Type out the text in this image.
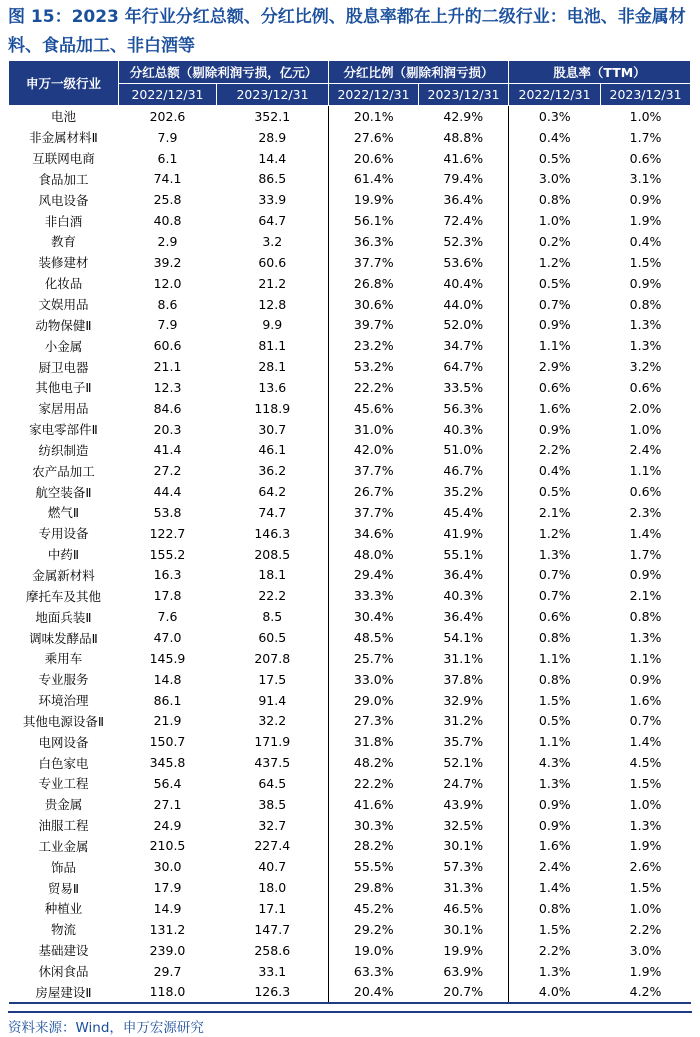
图 15：2023 年行业分红总额、分红比例、股息率都在上升的二级行业：电池、非金属材料、食品加工、非白酒等
申万一级行业	分红总额（剔除利润亏损，亿元）		分红比例（剔除利润亏损）		股息率（TTM）	
	2022/12/31	2023/12/31	2022/12/31	2023/12/31	2022/12/31	2023/12/31
电池	202.6	352.1	20.1%	42.9%	0.3%	1.0%
非金属材料Ⅱ	7.9	28.9	27.6%	48.8%	0.4%	1.7%
互联网电商	6.1	14.4	20.6%	41.6%	0.5%	0.6%
食品加工	74.1	86.5	61.4%	79.4%	3.0%	3.1%
风电设备	25.8	33.9	19.9%	36.4%	0.8%	0.9%
非白酒	40.8	64.7	56.1%	72.4%	1.0%	1.9%
教育	2.9	3.2	36.3%	52.3%	0.2%	0.4%
装修建材	39.2	60.6	37.7%	53.6%	1.2%	1.5%
化妆品	12.0	21.2	26.8%	40.4%	0.5%	0.9%
文娱用品	8.6	12.8	30.6%	44.0%	0.7%	0.8%
动物保健Ⅱ	7.9	9.9	39.7%	52.0%	0.9%	1.3%
小金属	60.6	81.1	23.2%	34.7%	1.1%	1.3%
厨卫电器	21.1	28.1	53.2%	64.7%	2.9%	3.2%
其他电子Ⅱ	12.3	13.6	22.2%	33.5%	0.6%	0.6%
家居用品	84.6	118.9	45.6%	56.3%	1.6%	2.0%
家电零部件Ⅱ	20.3	30.7	31.0%	40.3%	0.9%	1.0%
纺织制造	41.4	46.1	42.0%	51.0%	2.2%	2.4%
农产品加工	27.2	36.2	37.7%	46.7%	0.4%	1.1%
航空装备Ⅱ	44.4	64.2	26.7%	35.2%	0.5%	0.6%
燃气Ⅱ	53.8	74.7	37.7%	45.4%	2.1%	2.3%
专用设备	122.7	146.3	34.6%	41.9%	1.2%	1.4%
中药Ⅱ	155.2	208.5	48.0%	55.1%	1.3%	1.7%
金属新材料	16.3	18.1	29.4%	36.4%	0.7%	0.9%
摩托车及其他	17.8	22.2	33.3%	40.3%	0.7%	2.1%
地面兵装Ⅱ	7.6	8.5	30.4%	36.4%	0.6%	0.8%
调味发酵品Ⅱ	47.0	60.5	48.5%	54.1%	0.8%	1.3%
乘用车	145.9	207.8	25.7%	31.1%	1.1%	1.1%
专业服务	14.8	17.5	33.0%	37.8%	0.8%	0.9%
环境治理	86.1	91.4	29.0%	32.9%	1.5%	1.6%
其他电源设备Ⅱ	21.9	32.2	27.3%	31.2%	0.5%	0.7%
电网设备	150.7	171.9	31.8%	35.7%	1.1%	1.4%
白色家电	345.8	437.5	48.2%	52.1%	4.3%	4.5%
专业工程	56.4	64.5	22.2%	24.7%	1.3%	1.5%
贵金属	27.1	38.5	41.6%	43.9%	0.9%	1.0%
油服工程	24.9	32.7	30.3%	32.5%	0.9%	1.3%
工业金属	210.5	227.4	28.2%	30.1%	1.6%	1.9%
饰品	30.0	40.7	55.5%	57.3%	2.4%	2.6%
贸易Ⅱ	17.9	18.0	29.8%	31.3%	1.4%	1.5%
种植业	14.9	17.1	45.2%	46.5%	0.8%	1.0%
物流	131.2	147.7	29.2%	30.1%	1.5%	2.2%
基础建设	239.0	258.6	19.0%	19.9%	2.2%	3.0%
休闲食品	29.7	33.1	63.3%	63.9%	1.3%	1.9%
房屋建设Ⅱ	118.0	126.3	20.4%	20.7%	4.0%	4.2%
资料来源：Wind，申万宏源研究
